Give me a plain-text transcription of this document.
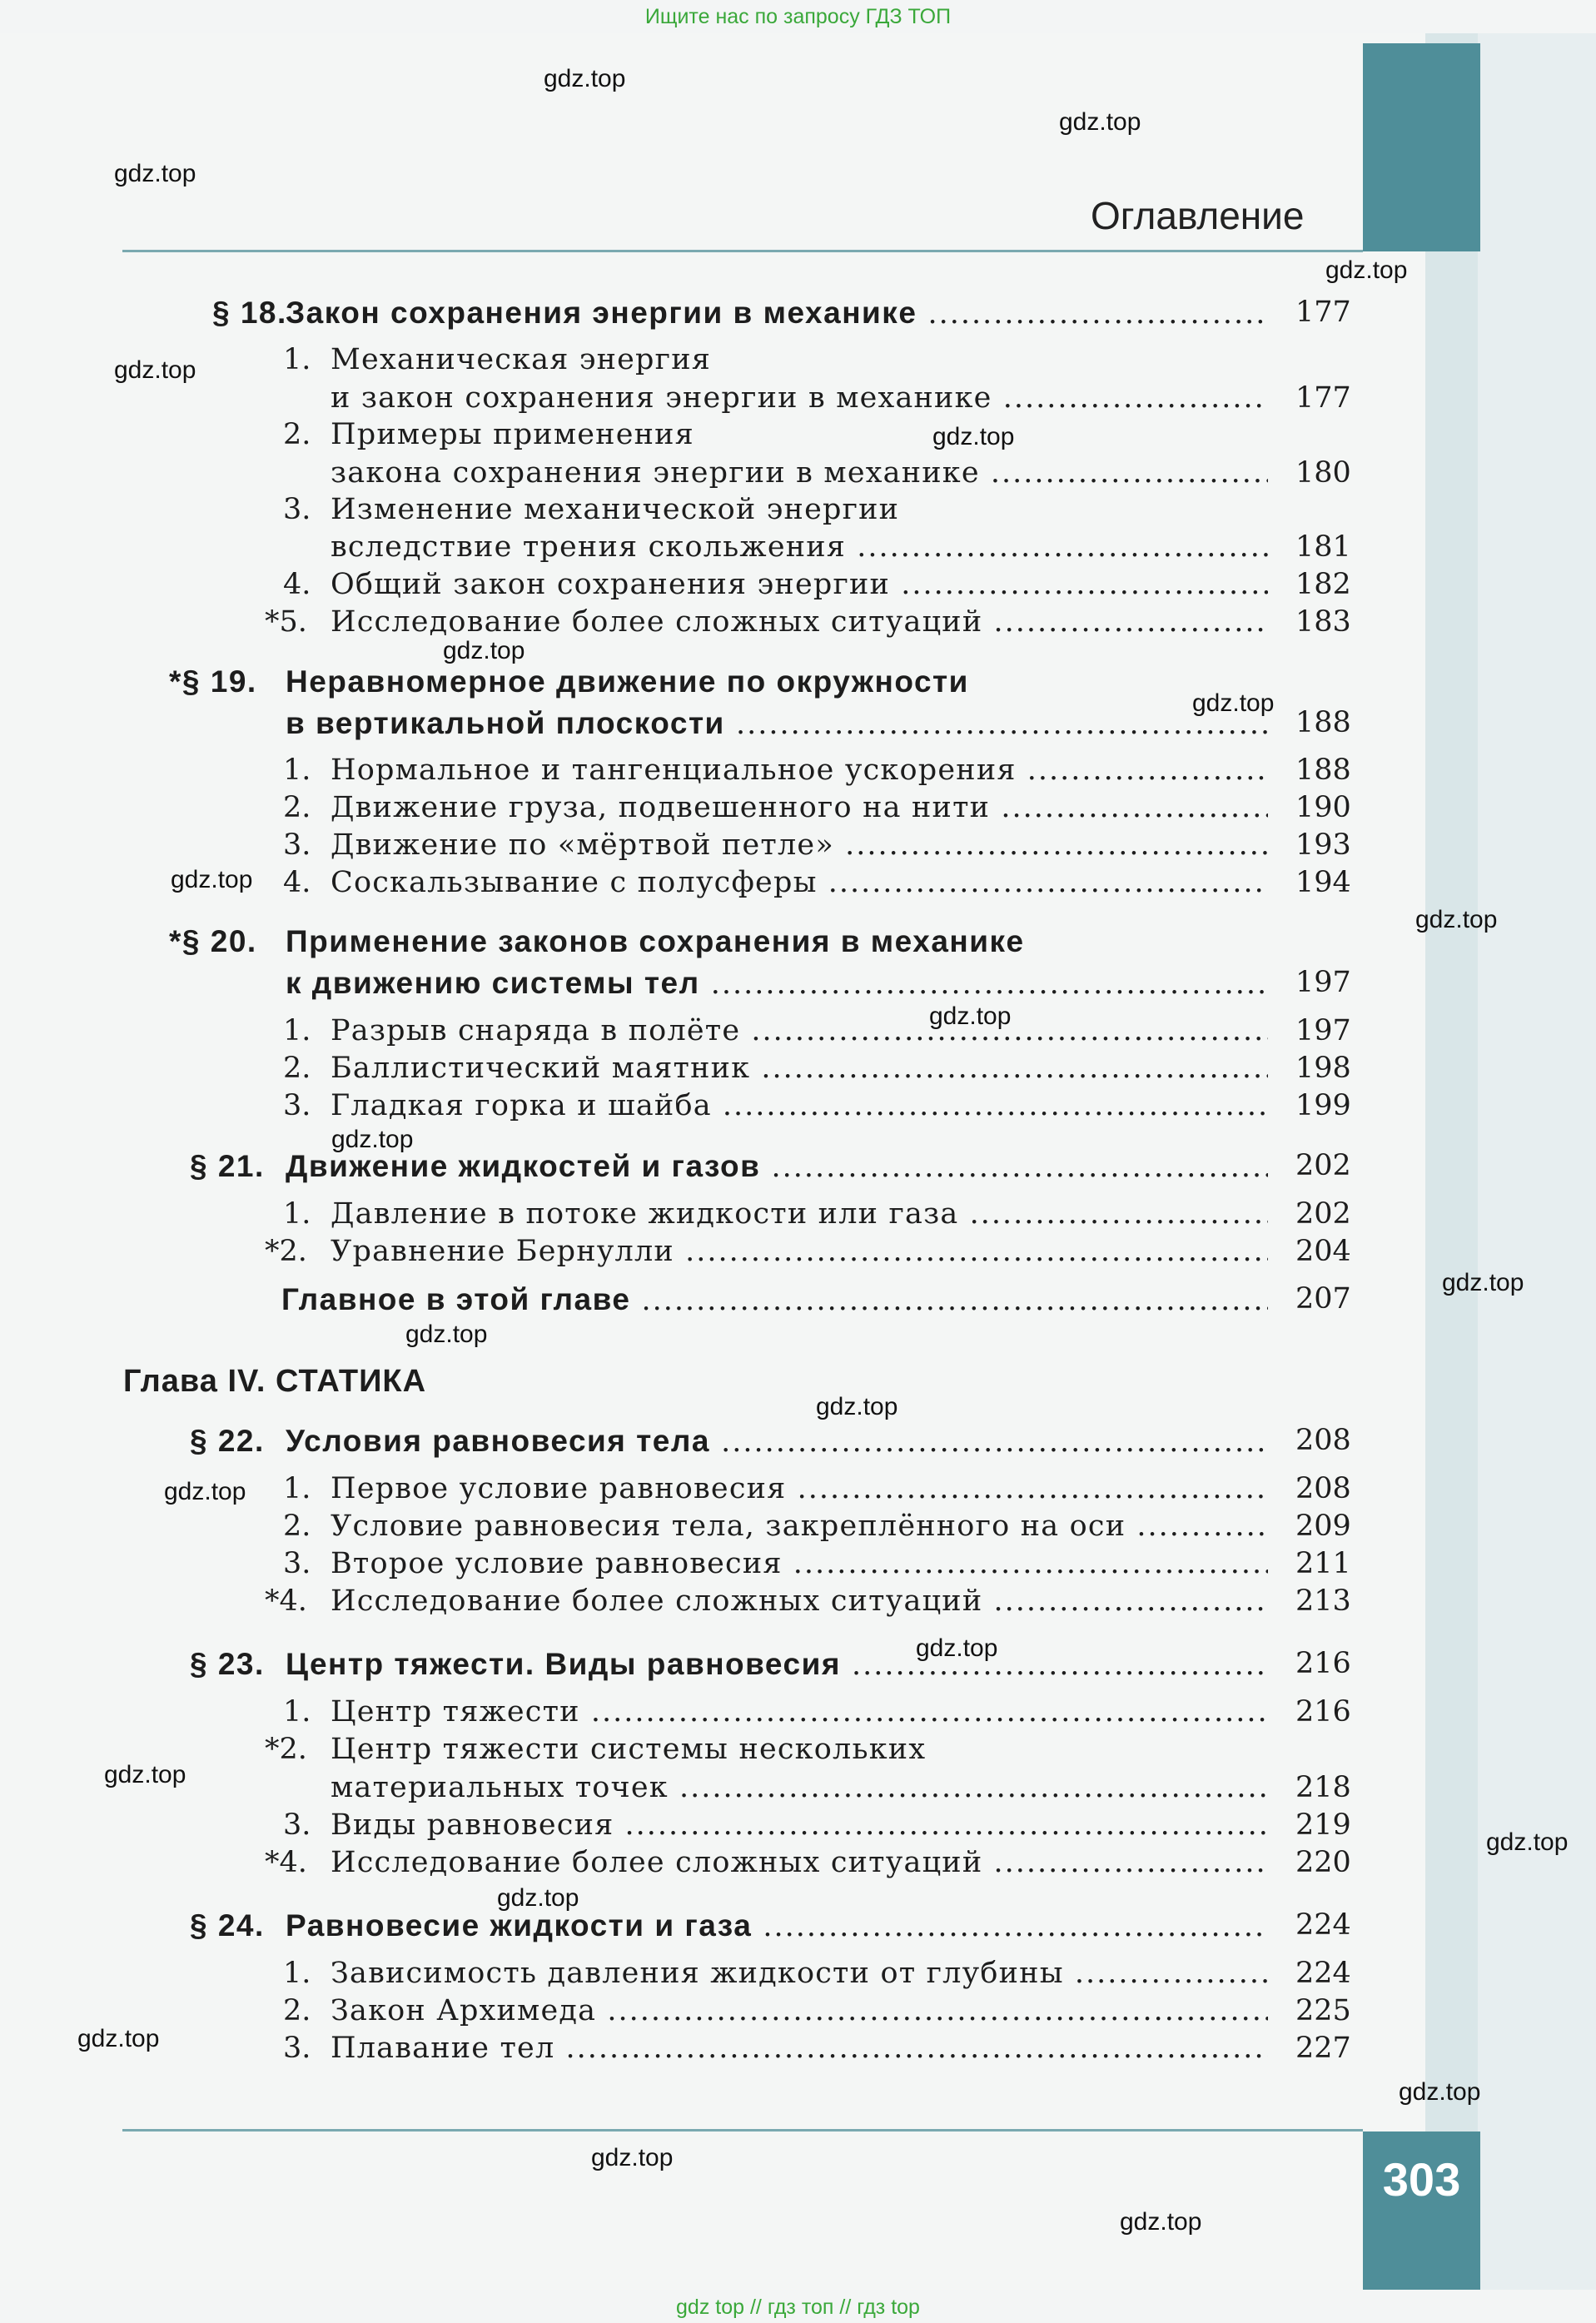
Ищите нас по запросу ГДЗ ТОП
303
Оглавление
§ 18.
Закон сохранения энергии в механике .....	177
1. Механическая энергия
и закон сохранения энергии в механике .....	177
2. Примеры применения
закона сохранения энергии в механике .....	180
3. Изменение механической энергии
вследствие трения скольжения .....	181
4. Общий закон сохранения энергии .....	182
*5. Исследование более сложных ситуаций .....	183
*§ 19. Неравномерное движение по окружности
в вертикальной плоскости .....	188
1. Нормальное и тангенциальное ускорения .....	188
2. Движение груза, подвешенного на нити .....	190
3. Движение по «мёртвой петле» .....	193
4. Соскальзывание с полусферы .....	194
*§ 20. Применение законов сохранения в механике
к движению системы тел .....	197
1. Разрыв снаряда в полёте .....	197
2. Баллистический маятник .....	198
3. Гладкая горка и шайба .....	199
§ 21. Движение жидкостей и газов .....	202
1. Давление в потоке жидкости или газа .....	202
*2. Уравнение Бернулли .....	204
Главное в этой главе .....	207
Глава IV. СТАТИКА
§ 22. Условия равновесия тела .....	208
1. Первое условие равновесия .....	208
2. Условие равновесия тела, закреплённого на оси .....	209
3. Второе условие равновесия .....	211
*4. Исследование более сложных ситуаций .....	213
§ 23. Центр тяжести. Виды равновесия .....	216
1. Центр тяжести .....	216
*2. Центр тяжести системы нескольких
материальных точек .....	218
3. Виды равновесия .....	219
*4. Исследование более сложных ситуаций .....	220
§ 24. Равновесие жидкости и газа .....	224
1. Зависимость давления жидкости от глубины .....	224
2. Закон Архимеда .....	225
3. Плавание тел .....	227
gdz.top
gdz.top
gdz.top
gdz.top
gdz.top
gdz.top
gdz.top
gdz.top
gdz.top
gdz.top
gdz.top
gdz.top
gdz.top
gdz.top
gdz.top
gdz.top
gdz.top
gdz.top
gdz.top
gdz.top
gdz.top
gdz.top
gdz.top
gdz.top
gdz top // гдз топ // гдз top
